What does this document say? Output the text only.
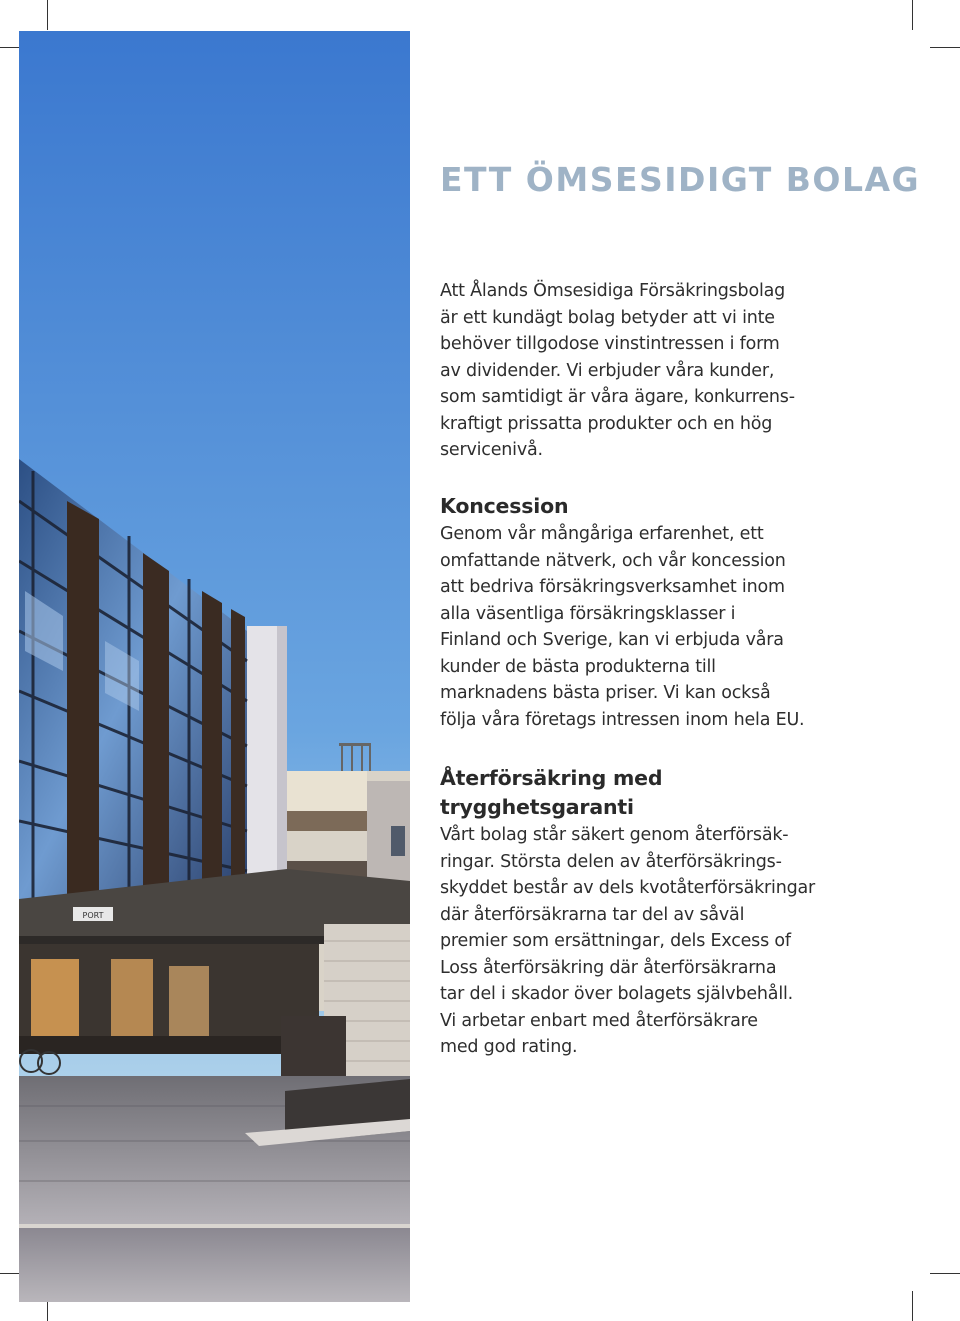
PORT
ETT ÖMSESIDIGT BOLAG

Att Ålands Ömsesidiga Försäkringsbolag
är ett kundägt bolag betyder att vi inte
behöver tillgodose vinstintressen i form
av dividender. Vi erbjuder våra kunder,
som samtidigt är våra ägare, konkurrens-
kraftigt prissatta produkter och en hög
servicenivå.

Koncession

Genom vår mångåriga erfarenhet, ett
omfattande nätverk, och vår koncession
att bedriva försäkringsverksamhet inom
alla väsentliga försäkringsklasser i
Finland och Sverige, kan vi erbjuda våra
kunder de bästa produkterna till
marknadens bästa priser. Vi kan också
följa våra företags intressen inom hela EU.

Återförsäkring med
trygghetsgaranti

Vårt bolag står säkert genom återförsäk-
ringar. Största delen av återförsäkrings-
skyddet består av dels kvotåterförsäkringar
där återförsäkrarna tar del av såväl
premier som ersättningar, dels Excess of
Loss återförsäkring där återförsäkrarna
tar del i skador över bolagets självbehåll.
Vi arbetar enbart med återförsäkrare
med god rating.
